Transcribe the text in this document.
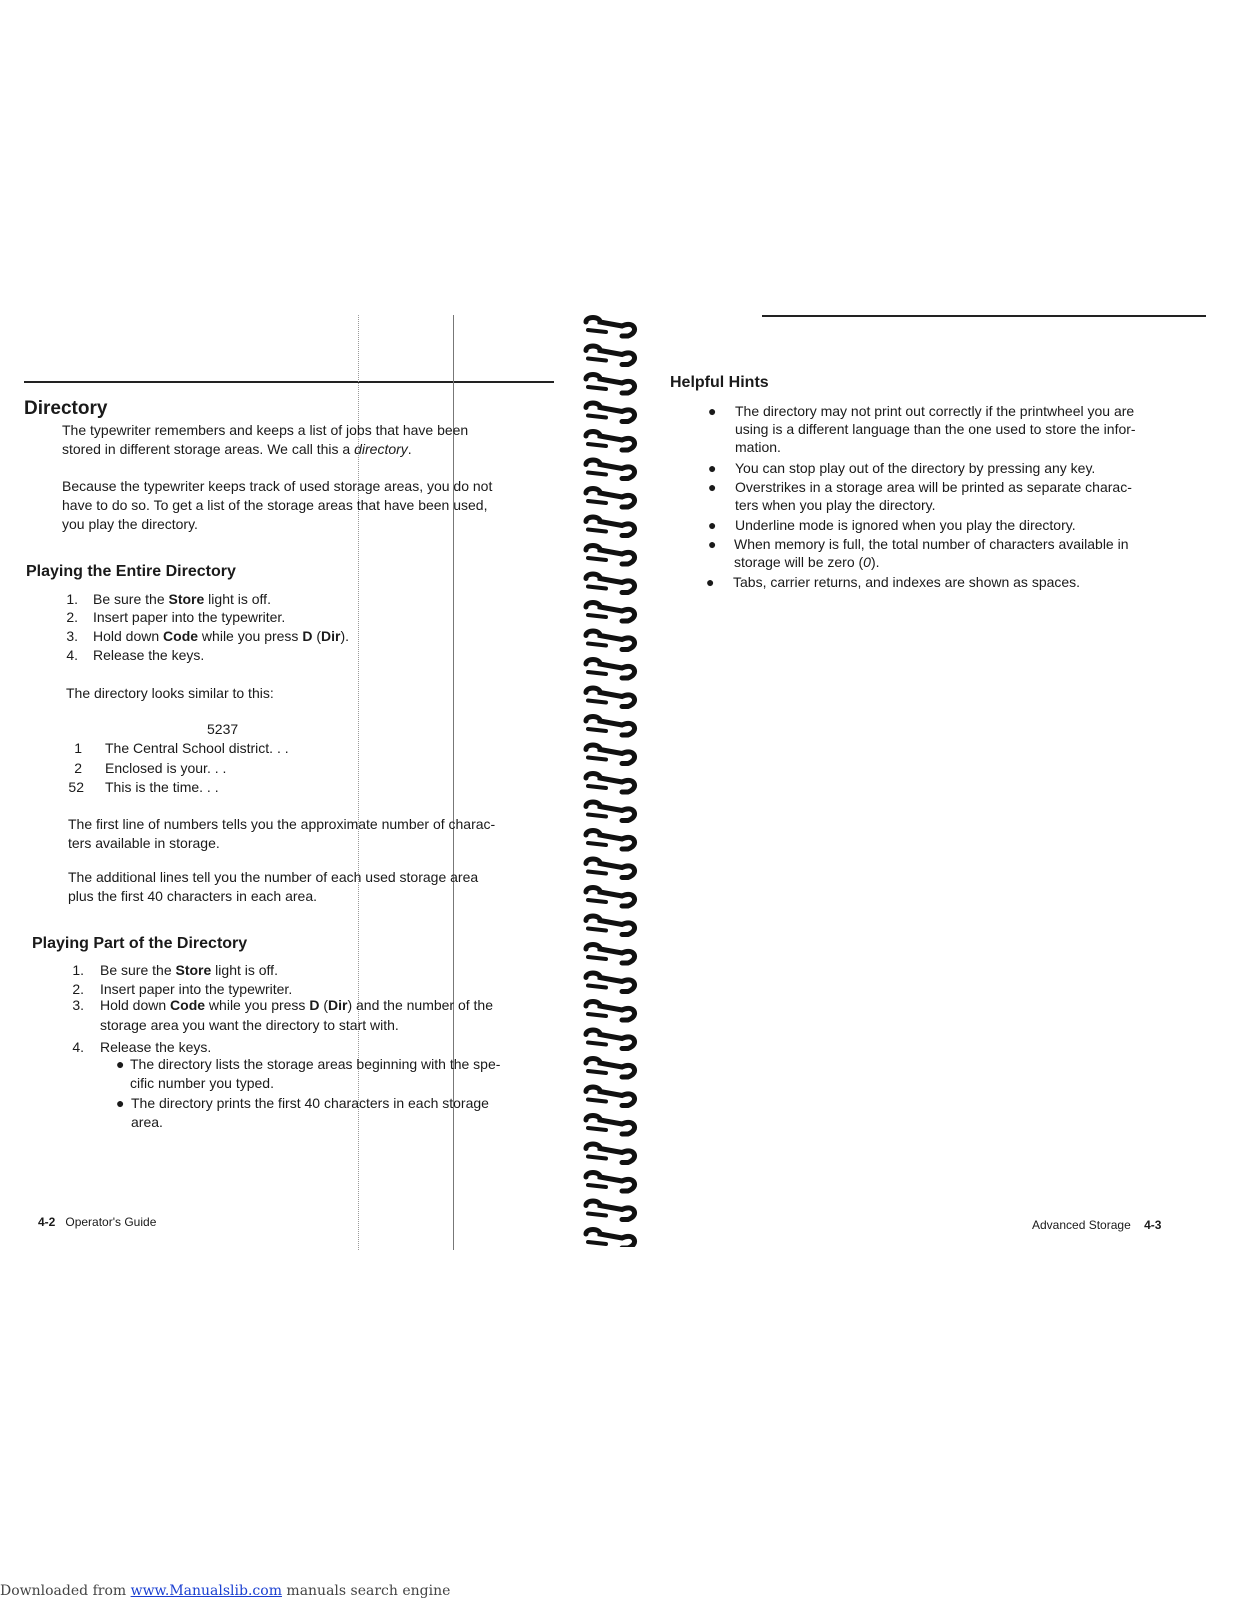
Directory
The typewriter remembers and keeps a list of jobs that have been
stored in different storage areas. We call this a directory.
Because the typewriter keeps track of used storage areas, you do not
have to do so. To get a list of the storage areas that have been used,
you play the directory.
Playing the Entire Directory
1. Be sure the Store light is off.
2. Insert paper into the typewriter.
3. Hold down Code while you press D (Dir).
4. Release the keys.
The directory looks similar to this:
5237
1 The Central School district. . .
2 Enclosed is your. . .
52 This is the time. . .
The first line of numbers tells you the approximate number of charac-
ters available in storage.
The additional lines tell you the number of each used storage area
plus the first 40 characters in each area.
Playing Part of the Directory
1. Be sure the Store light is off.
2. Insert paper into the typewriter.
3. Hold down Code while you press D (Dir) and the number of the
storage area you want the directory to start with.
4. Release the keys.
● The directory lists the storage areas beginning with the spe-
cific number you typed.
● The directory prints the first 40 characters in each storage
area.
4-2 Operator's Guide
Helpful Hints
● The directory may not print out correctly if the printwheel you are
using is a different language than the one used to store the infor-
mation.
● You can stop play out of the directory by pressing any key.
● Overstrikes in a storage area will be printed as separate charac-
ters when you play the directory.
● Underline mode is ignored when you play the directory.
● When memory is full, the total number of characters available in
storage will be zero (0).
● Tabs, carrier returns, and indexes are shown as spaces.
Advanced Storage 4-3
Downloaded from www.Manualslib.com manuals search engine
